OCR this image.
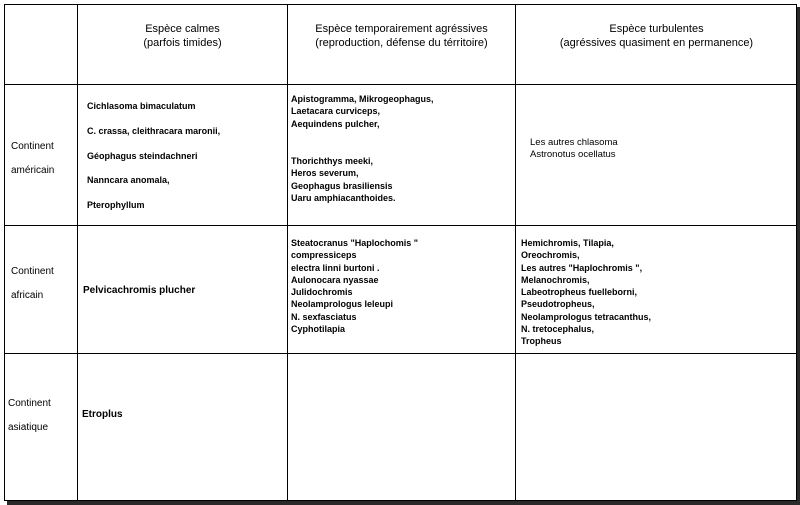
Espèce calmes
(parfois timides)
Espèce temporairement agréssives
(reproduction, défense du térritoire)
Espèce turbulentes
(agréssives quasiment en permanence)
Continent
américain
Cichlasoma bimaculatum
C. crassa, cleithracara maronii,
Géophagus steindachneri
Nanncara anomala,
Pterophyllum
Apistogramma, Mikrogeophagus,
Laetacara curviceps,
Aequindens pulcher,
Thorichthys meeki,
Heros severum,
Geophagus brasiliensis
Uaru amphiacanthoides.
Les autres chlasoma
Astronotus ocellatus
Continent
africain	Pelvicachromis plucher
Steatocranus "Haplochomis "
compressiceps
electra linni burtoni .
Aulonocara nyassae
Julidochromis
Neolamprologus leleupi
N. sexfasciatus
Cyphotilapia
Hemichromis, Tilapia,
Oreochromis,
Les autres "Haplochromis ",
Melanochromis,
Labeotropheus fuelleborni,
Pseudotropheus,
Neolamprologus tetracanthus,
N. tretocephalus,
Tropheus
Continent
asiatique
Etroplus
